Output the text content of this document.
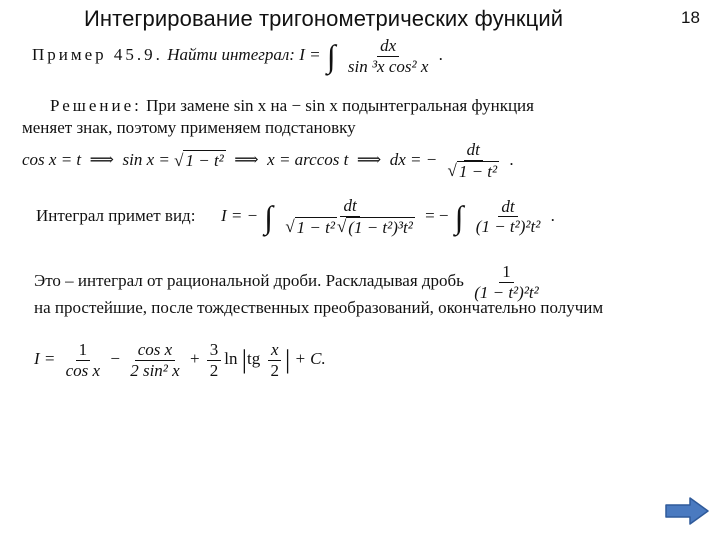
Интегрирование тригонометрических функций	18
Пример 45.9. Найти интеграл: I = ∫ $\frac{dx}{\text{sin ³x cos² x}}$ .
Решение: При замене sin x на − sin x подынтегральная функция
меняет знак, поэтому применяем подстановку
cos x = t ⟹ sin x = √ 1 − t² ⟹ x = arccos t ⟹ dx = − $\frac{dt}{\text{√ 1 − t²}}$ .
Интеграл примет вид: I = − ∫ $\frac{dt}{\text{√ 1 − t² √ (1 − t²)³t²}}$ = − ∫ $\frac{dt}{\text{(1 − t²)²t²}}$ .
Это – интеграл от рациональной дроби. Раскладывая дробь $\frac{1}{\text{(1 − t²)²t²}}$
на простейшие, после тождественных преобразований, окончательно получим
$I = \frac{1}{\text{cos x}} - \frac{\text{cos x}}{\text{2 sin² x}} + \frac{3}{2}$ $\ln |tg \frac{x}{2}$ | + C.
